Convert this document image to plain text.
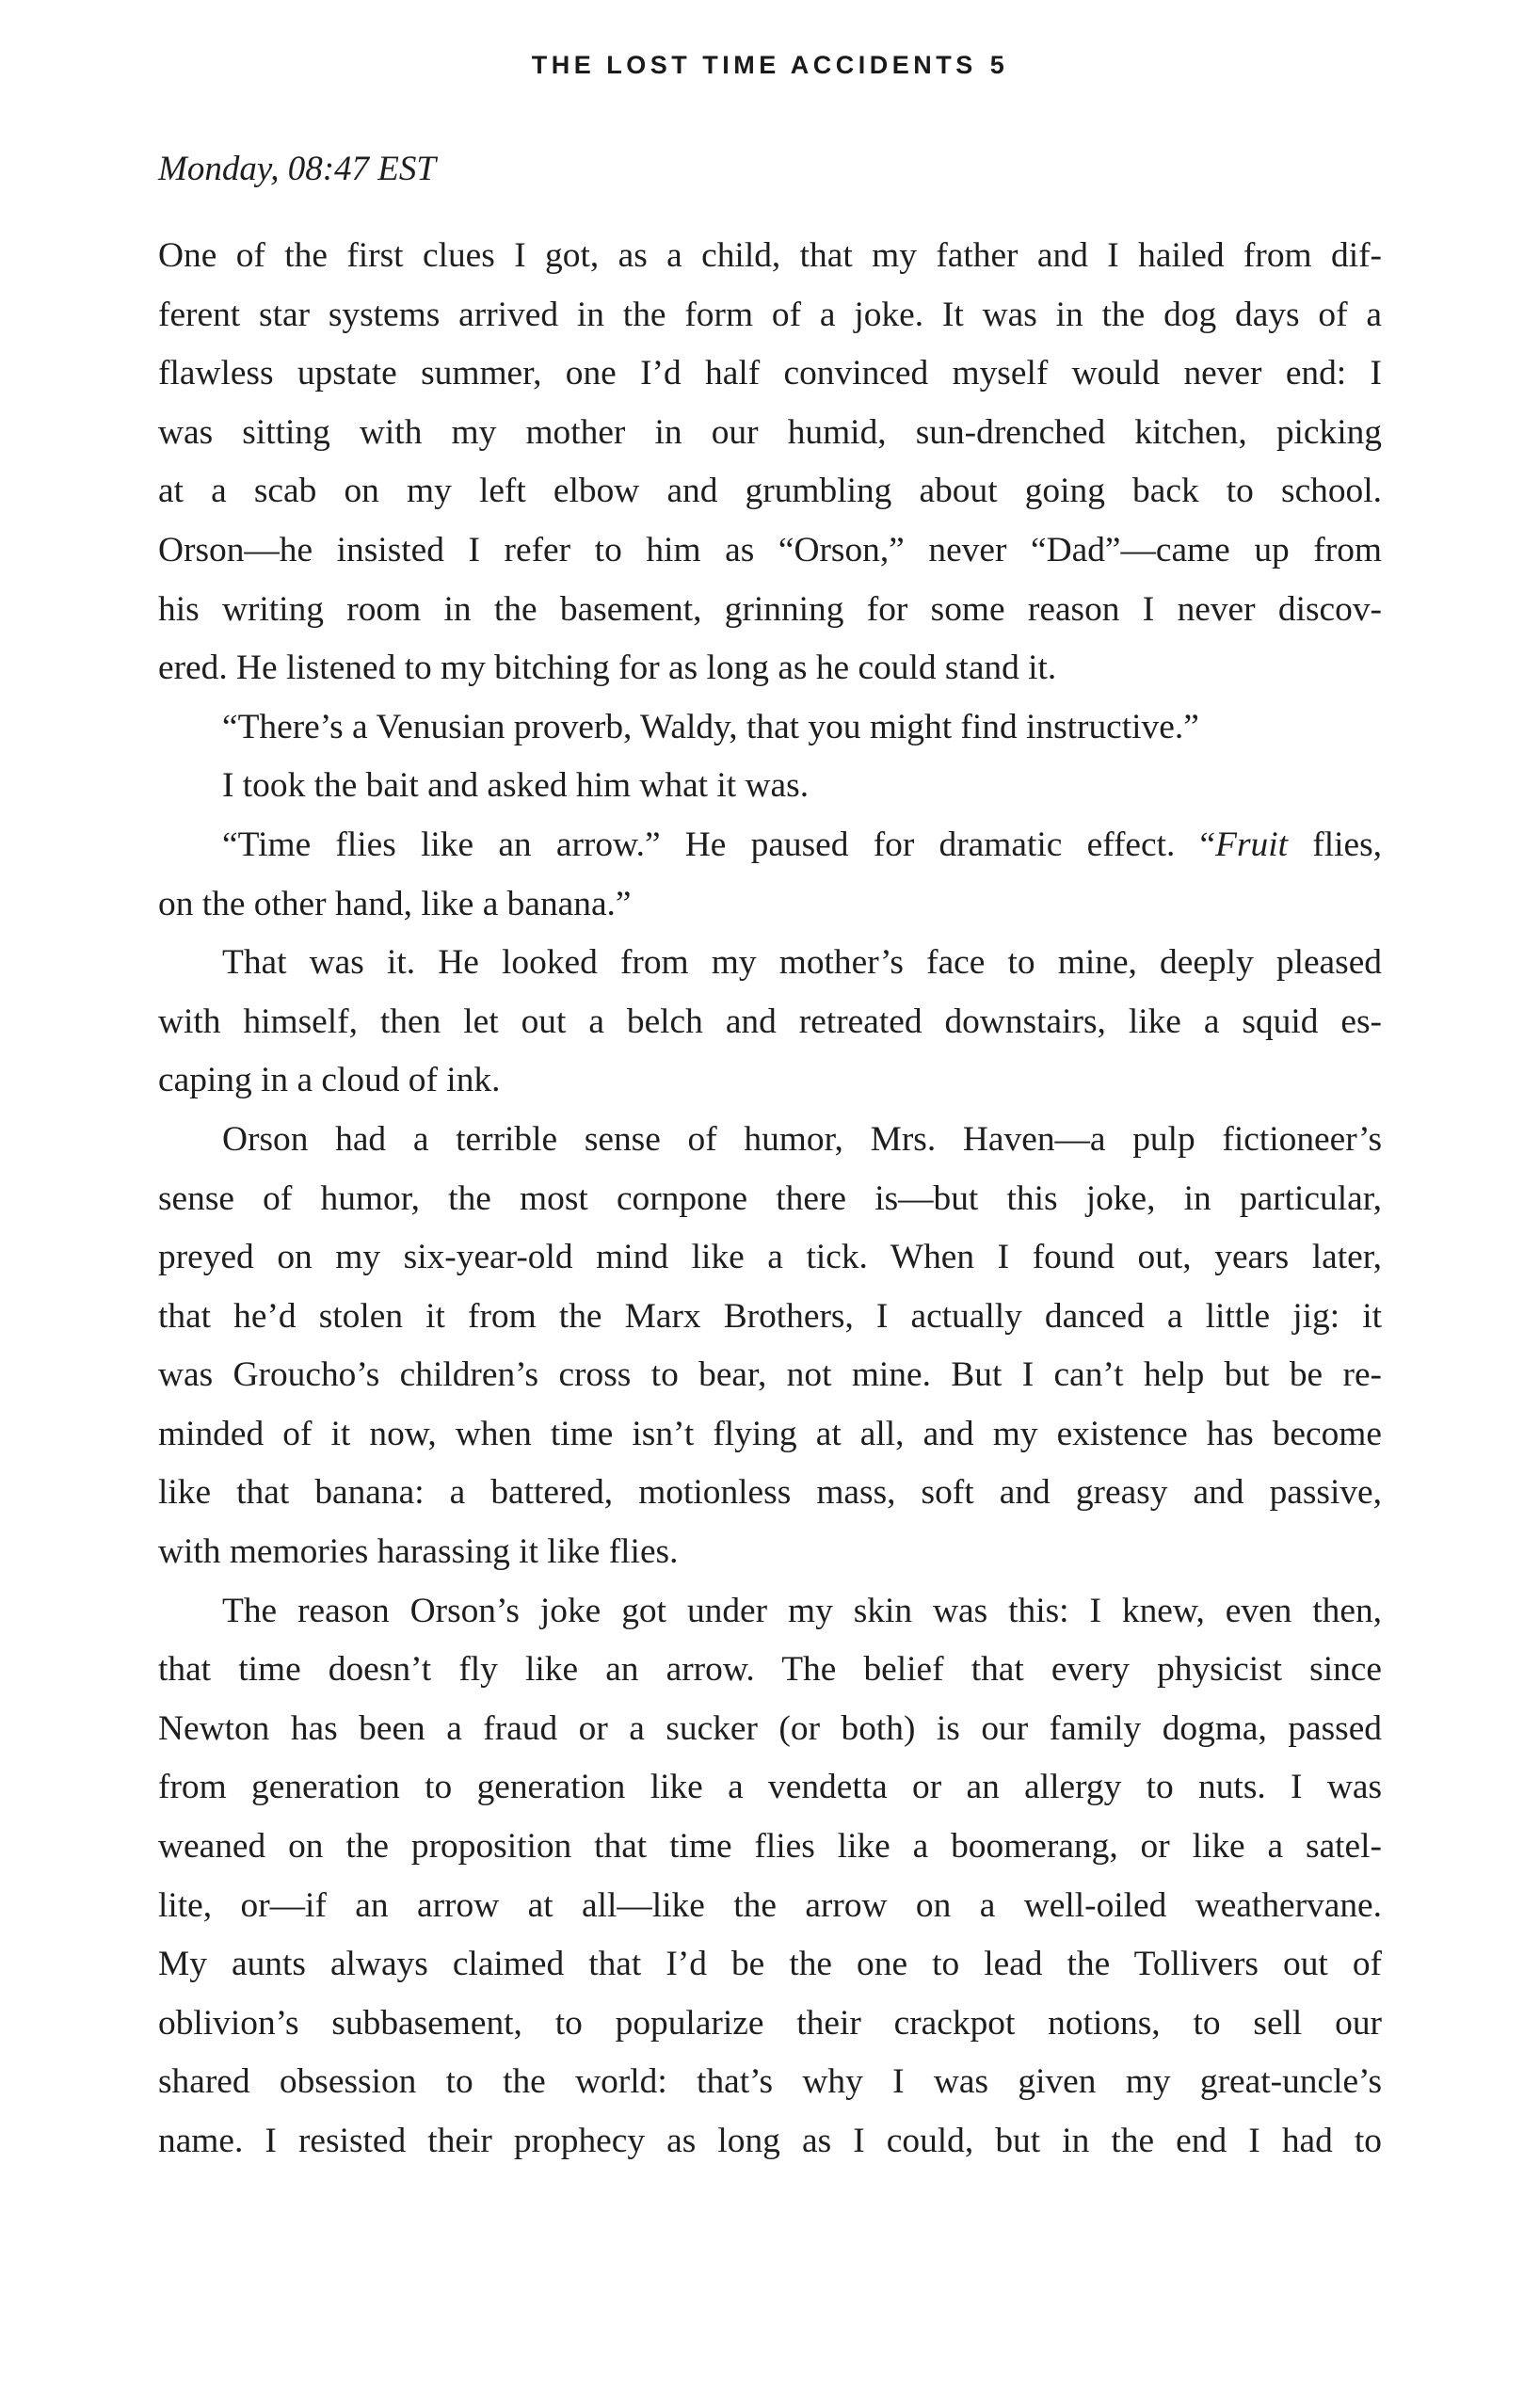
THE LOST TIME ACCIDENTS 5
Monday, 08:47 EST
One of the first clues I got, as a child, that my father and I hailed from dif-
ferent star systems arrived in the form of a joke. It was in the dog days of a
flawless upstate summer, one I’d half convinced myself would never end: I
was sitting with my mother in our humid, sun-drenched kitchen, picking
at a scab on my left elbow and grumbling about going back to school.
Orson—he insisted I refer to him as “Orson,” never “Dad”—came up from
his writing room in the basement, grinning for some reason I never discov-
ered. He listened to my bitching for as long as he could stand it.
“There’s a Venusian proverb, Waldy, that you might find instructive.”
I took the bait and asked him what it was.
“Time flies like an arrow.” He paused for dramatic effect. “Fruit flies,
on the other hand, like a banana.”
That was it. He looked from my mother’s face to mine, deeply pleased
with himself, then let out a belch and retreated downstairs, like a squid es-
caping in a cloud of ink.
Orson had a terrible sense of humor, Mrs. Haven—a pulp fictioneer’s
sense of humor, the most cornpone there is—but this joke, in particular,
preyed on my six-year-old mind like a tick. When I found out, years later,
that he’d stolen it from the Marx Brothers, I actually danced a little jig: it
was Groucho’s children’s cross to bear, not mine. But I can’t help but be re-
minded of it now, when time isn’t flying at all, and my existence has become
like that banana: a battered, motionless mass, soft and greasy and passive,
with memories harassing it like flies.
The reason Orson’s joke got under my skin was this: I knew, even then,
that time doesn’t fly like an arrow. The belief that every physicist since
Newton has been a fraud or a sucker (or both) is our family dogma, passed
from generation to generation like a vendetta or an allergy to nuts. I was
weaned on the proposition that time flies like a boomerang, or like a satel-
lite, or—if an arrow at all—like the arrow on a well-oiled weathervane.
My aunts always claimed that I’d be the one to lead the Tollivers out of
oblivion’s subbasement, to popularize their crackpot notions, to sell our
shared obsession to the world: that’s why I was given my great-uncle’s
name. I resisted their prophecy as long as I could, but in the end I had to
